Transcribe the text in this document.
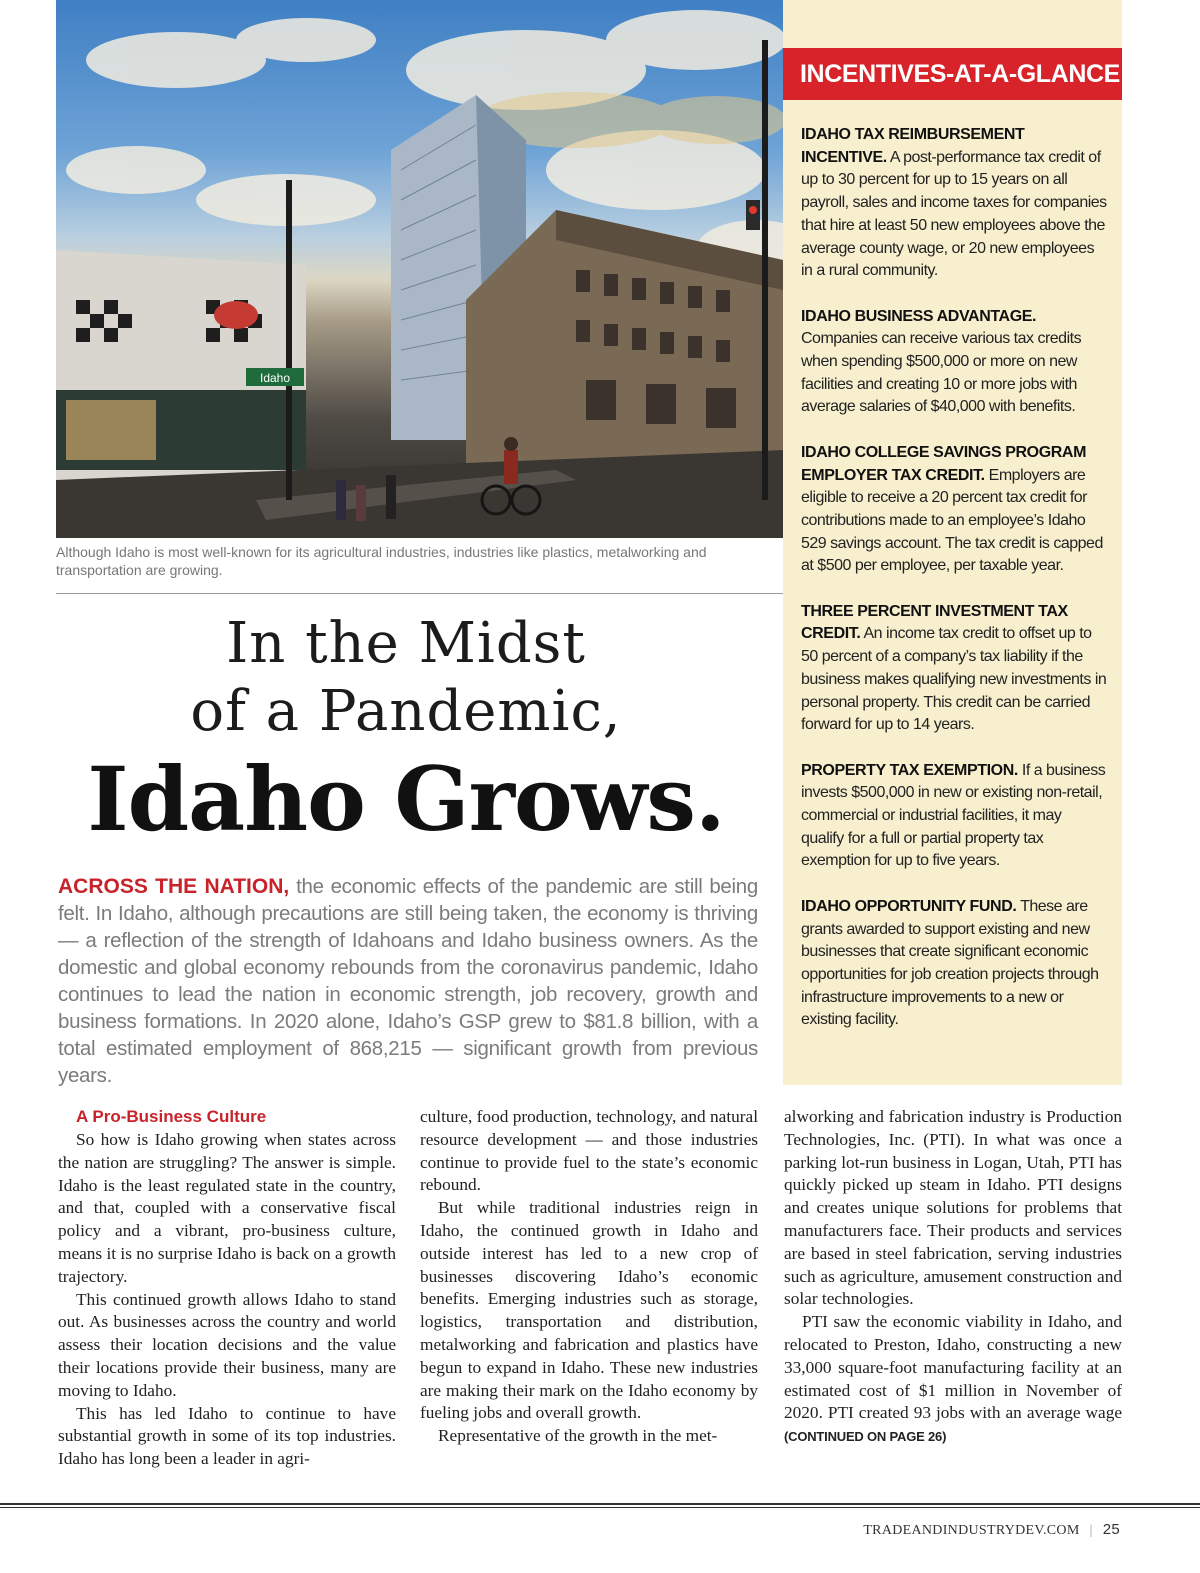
Idaho
INCENTIVES-AT-A-GLANCE
IDAHO TAX REIMBURSEMENT INCENTIVE. A post-performance tax credit of up to 30 percent for up to 15 years on all payroll, sales and income taxes for companies that hire at least 50 new employees above the average county wage, or 20 new employees in a rural community.
IDAHO BUSINESS ADVANTAGE. Companies can receive various tax credits when spending $500,000 or more on new facilities and creating 10 or more jobs with average salaries of $40,000 with benefits.
IDAHO COLLEGE SAVINGS PROGRAM EMPLOYER TAX CREDIT. Employers are eligible to receive a 20 percent tax credit for contributions made to an employee’s Idaho 529 savings account. The tax credit is capped at $500 per employee, per taxable year.
THREE PERCENT INVESTMENT TAX CREDIT. An income tax credit to offset up to 50 percent of a company’s tax liability if the business makes qualifying new investments in personal property. This credit can be carried forward for up to 14 years.
PROPERTY TAX EXEMPTION. If a business invests $500,000 in new or existing non-retail, commercial or industrial facilities, it may qualify for a full or partial property tax exemption for up to five years.
IDAHO OPPORTUNITY FUND. These are grants awarded to support existing and new businesses that create significant economic opportunities for job creation projects through infrastructure improvements to a new or existing facility.
Although Idaho is most well-known for its agricultural industries, industries like plastics, metalworking and transportation are growing.
In the Midst
of a Pandemic,
Idaho Grows.

ACROSS THE NATION, the economic effects of the pandemic are still being felt. In Idaho, although precautions are still being taken, the economy is thriving — a reflection of the strength of Idahoans and Idaho business owners. As the domestic and global economy rebounds from the coronavirus pandemic, Idaho continues to lead the nation in economic strength, job recovery, growth and business formations. In 2020 alone, Idaho’s GSP grew to $81.8 billion, with a total estimated employment of 868,215 — significant growth from previous years.

A Pro-Business Culture

So how is Idaho growing when states across the nation are struggling? The answer is simple. Idaho is the least regulated state in the country, and that, coupled with a conservative fiscal policy and a vibrant, pro-business culture, means it is no surprise Idaho is back on a growth trajectory.

This continued growth allows Idaho to stand out. As businesses across the country and world assess their location decisions and the value their locations provide their business, many are moving to Idaho.

This has led Idaho to continue to have substantial growth in some of its top industries. Idaho has long been a leader in agri-

culture, food production, technology, and natural resource development — and those industries continue to provide fuel to the state’s economic rebound.

But while traditional industries reign in Idaho, the continued growth in Idaho and outside interest has led to a new crop of businesses discovering Idaho’s economic benefits. Emerging industries such as storage, logistics, transportation and distribution, metalworking and fabrication and plastics have begun to expand in Idaho. These new industries are making their mark on the Idaho economy by fueling jobs and overall growth.

Representative of the growth in the met-

alworking and fabrication industry is Production Technologies, Inc. (PTI). In what was once a parking lot-run business in Logan, Utah, PTI has quickly picked up steam in Idaho. PTI designs and creates unique solutions for problems that manufacturers face. Their products and services are based in steel fabrication, serving industries such as agriculture, amusement construction and solar technologies.

PTI saw the economic viability in Idaho, and relocated to Preston, Idaho, constructing a new 33,000 square-foot manufacturing facility at an estimated cost of $1 million in November of 2020. PTI created 93 jobs with an average wage (CONTINUED ON PAGE 26)

TRADEANDINDUSTRYDEV.COM | 25
